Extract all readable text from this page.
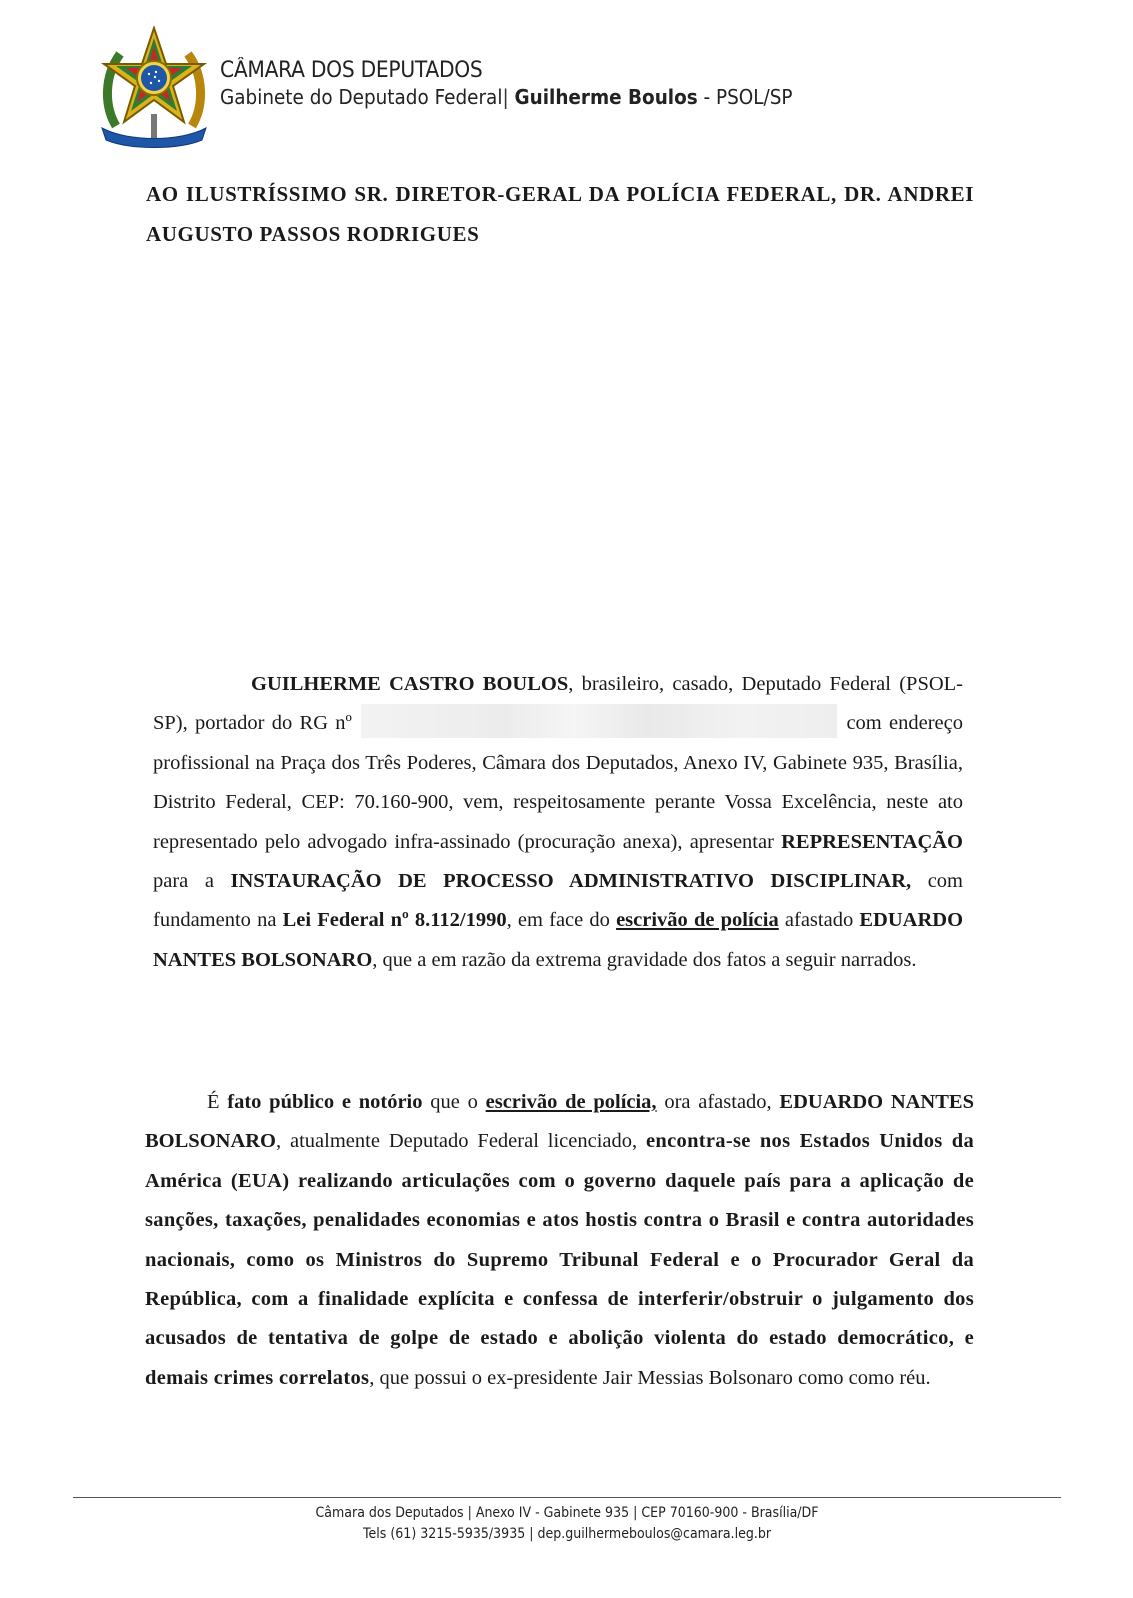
CÂMARA DOS DEPUTADOS
Gabinete do Deputado Federal| Guilherme Boulos - PSOL/SP
AO ILUSTRÍSSIMO SR. DIRETOR-GERAL DA POLÍCIA FEDERAL, DR. ANDREI AUGUSTO PASSOS RODRIGUES

GUILHERME CASTRO BOULOS, brasileiro, casado, Deputado Federal (PSOL-SP), portador do RG nº	com endereço profissional na Praça dos Três Poderes, Câmara dos Deputados, Anexo IV, Gabinete 935, Brasília, Distrito Federal, CEP: 70.160-900, vem, respeitosamente perante Vossa Excelência, neste ato representado pelo advogado infra-assinado (procuração anexa), apresentar REPRESENTAÇÃO para a INSTAURAÇÃO DE PROCESSO ADMINISTRATIVO DISCIPLINAR, com fundamento na Lei Federal nº 8.112/1990, em face do escrivão de polícia afastado EDUARDO NANTES BOLSONARO, que a em razão da extrema gravidade dos fatos a seguir narrados.

É fato público e notório que o escrivão de polícia, ora afastado, EDUARDO NANTES BOLSONARO, atualmente Deputado Federal licenciado, encontra-se nos Estados Unidos da América (EUA) realizando articulações com o governo daquele país para a aplicação de sanções, taxações, penalidades economias e atos hostis contra o Brasil e contra autoridades nacionais, como os Ministros do Supremo Tribunal Federal e o Procurador Geral da República, com a finalidade explícita e confessa de interferir/obstruir o julgamento dos acusados de tentativa de golpe de estado e abolição violenta do estado democrático, e demais crimes correlatos, que possui o ex-presidente Jair Messias Bolsonaro como como réu.

Câmara dos Deputados | Anexo IV - Gabinete 935 | CEP 70160-900 - Brasília/DF
Tels (61) 3215-5935/3935 | dep.guilhermeboulos@camara.leg.br
